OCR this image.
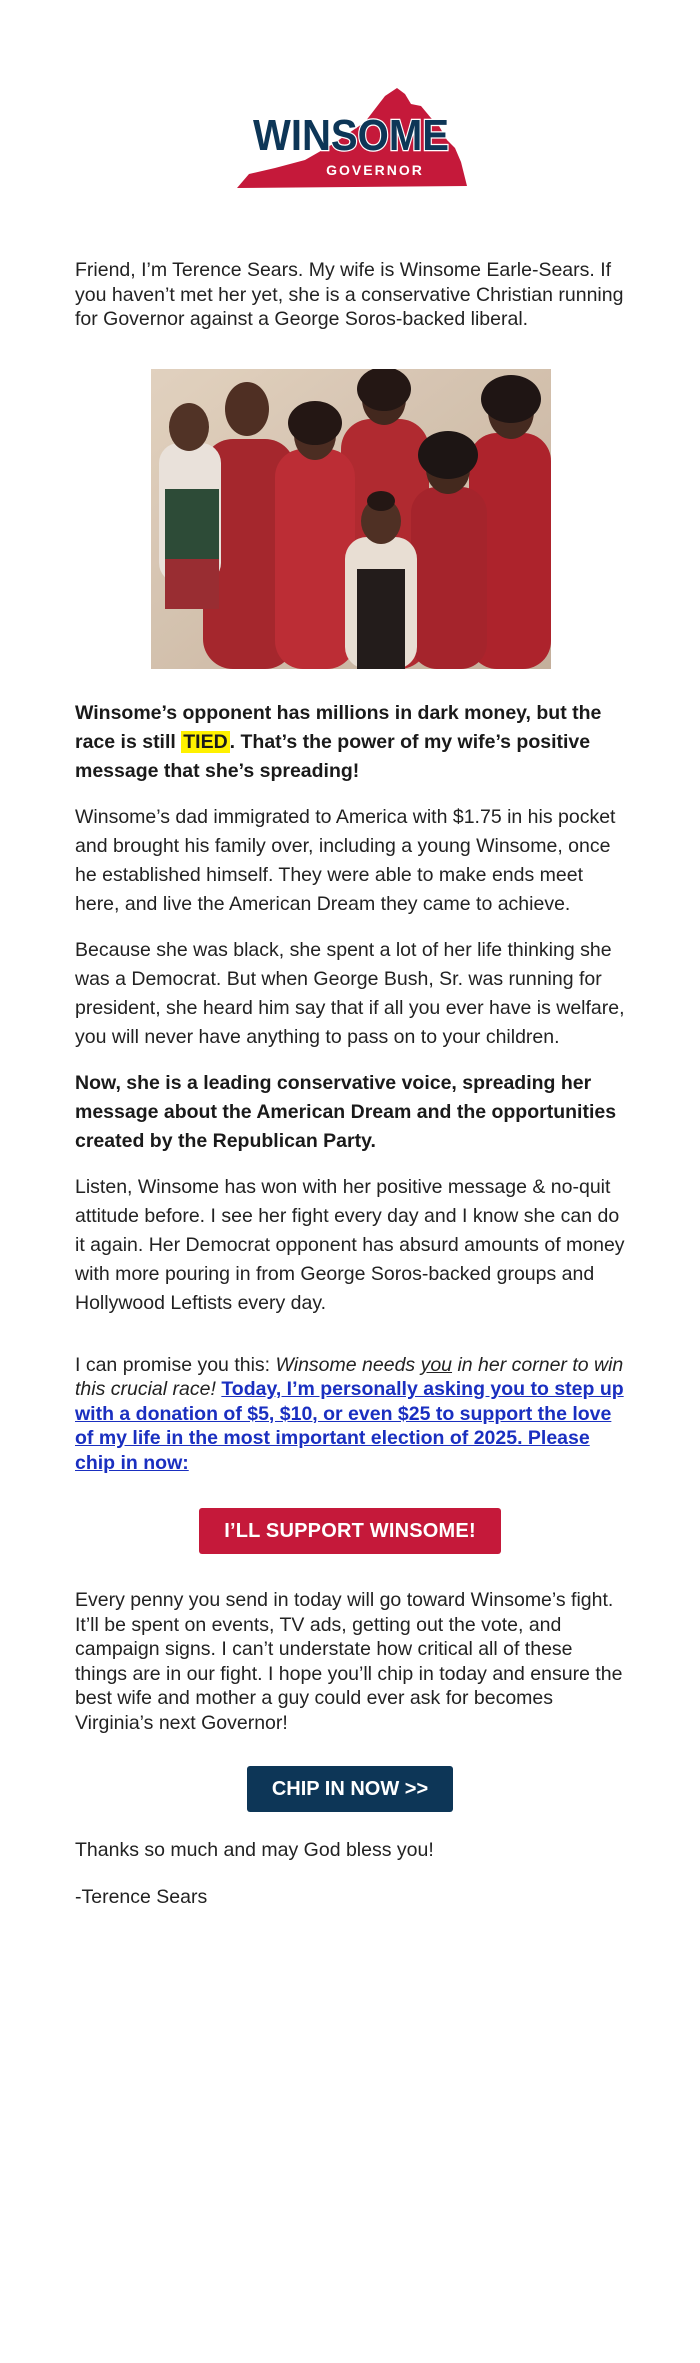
WINSOME
GOVERNOR

Friend, I’m Terence Sears. My wife is Winsome Earle-Sears. If you haven’t met her yet, she is a conservative Christian running for Governor against a George Soros-backed liberal.

Winsome’s opponent has millions in dark money, but the race is still TIED . That’s the power of my wife’s positive message that she’s spreading!

Winsome’s dad immigrated to America with $1.75 in his pocket and brought his family over, including a young Winsome, once he established himself. They were able to make ends meet here, and live the American Dream they came to achieve.

Because she was black, she spent a lot of her life thinking she was a Democrat. But when George Bush, Sr. was running for president, she heard him say that if all you ever have is welfare, you will never have anything to pass on to your children.

Now, she is a leading conservative voice, spreading her message about the American Dream and the opportunities created by the Republican Party.

Listen, Winsome has won with her positive message & no-quit attitude before. I see her fight every day and I know she can do it again. Her Democrat opponent has absurd amounts of money with more pouring in from George Soros-backed groups and Hollywood Leftists every day.

I can promise you this: Winsome needs you in her corner to win this crucial race! Today, I’m personally asking you to step up with a donation of $5, $10, or even $25 to support the love of my life in the most important election of 2025. Please chip in now:

I’LL SUPPORT WINSOME!

Every penny you send in today will go toward Winsome’s fight. It’ll be spent on events, TV ads, getting out the vote, and campaign signs. I can’t understate how critical all of these things are in our fight. I hope you’ll chip in today and ensure the best wife and mother a guy could ever ask for becomes Virginia’s next Governor!

CHIP IN NOW >>

Thanks so much and may God bless you!

-Terence Sears
